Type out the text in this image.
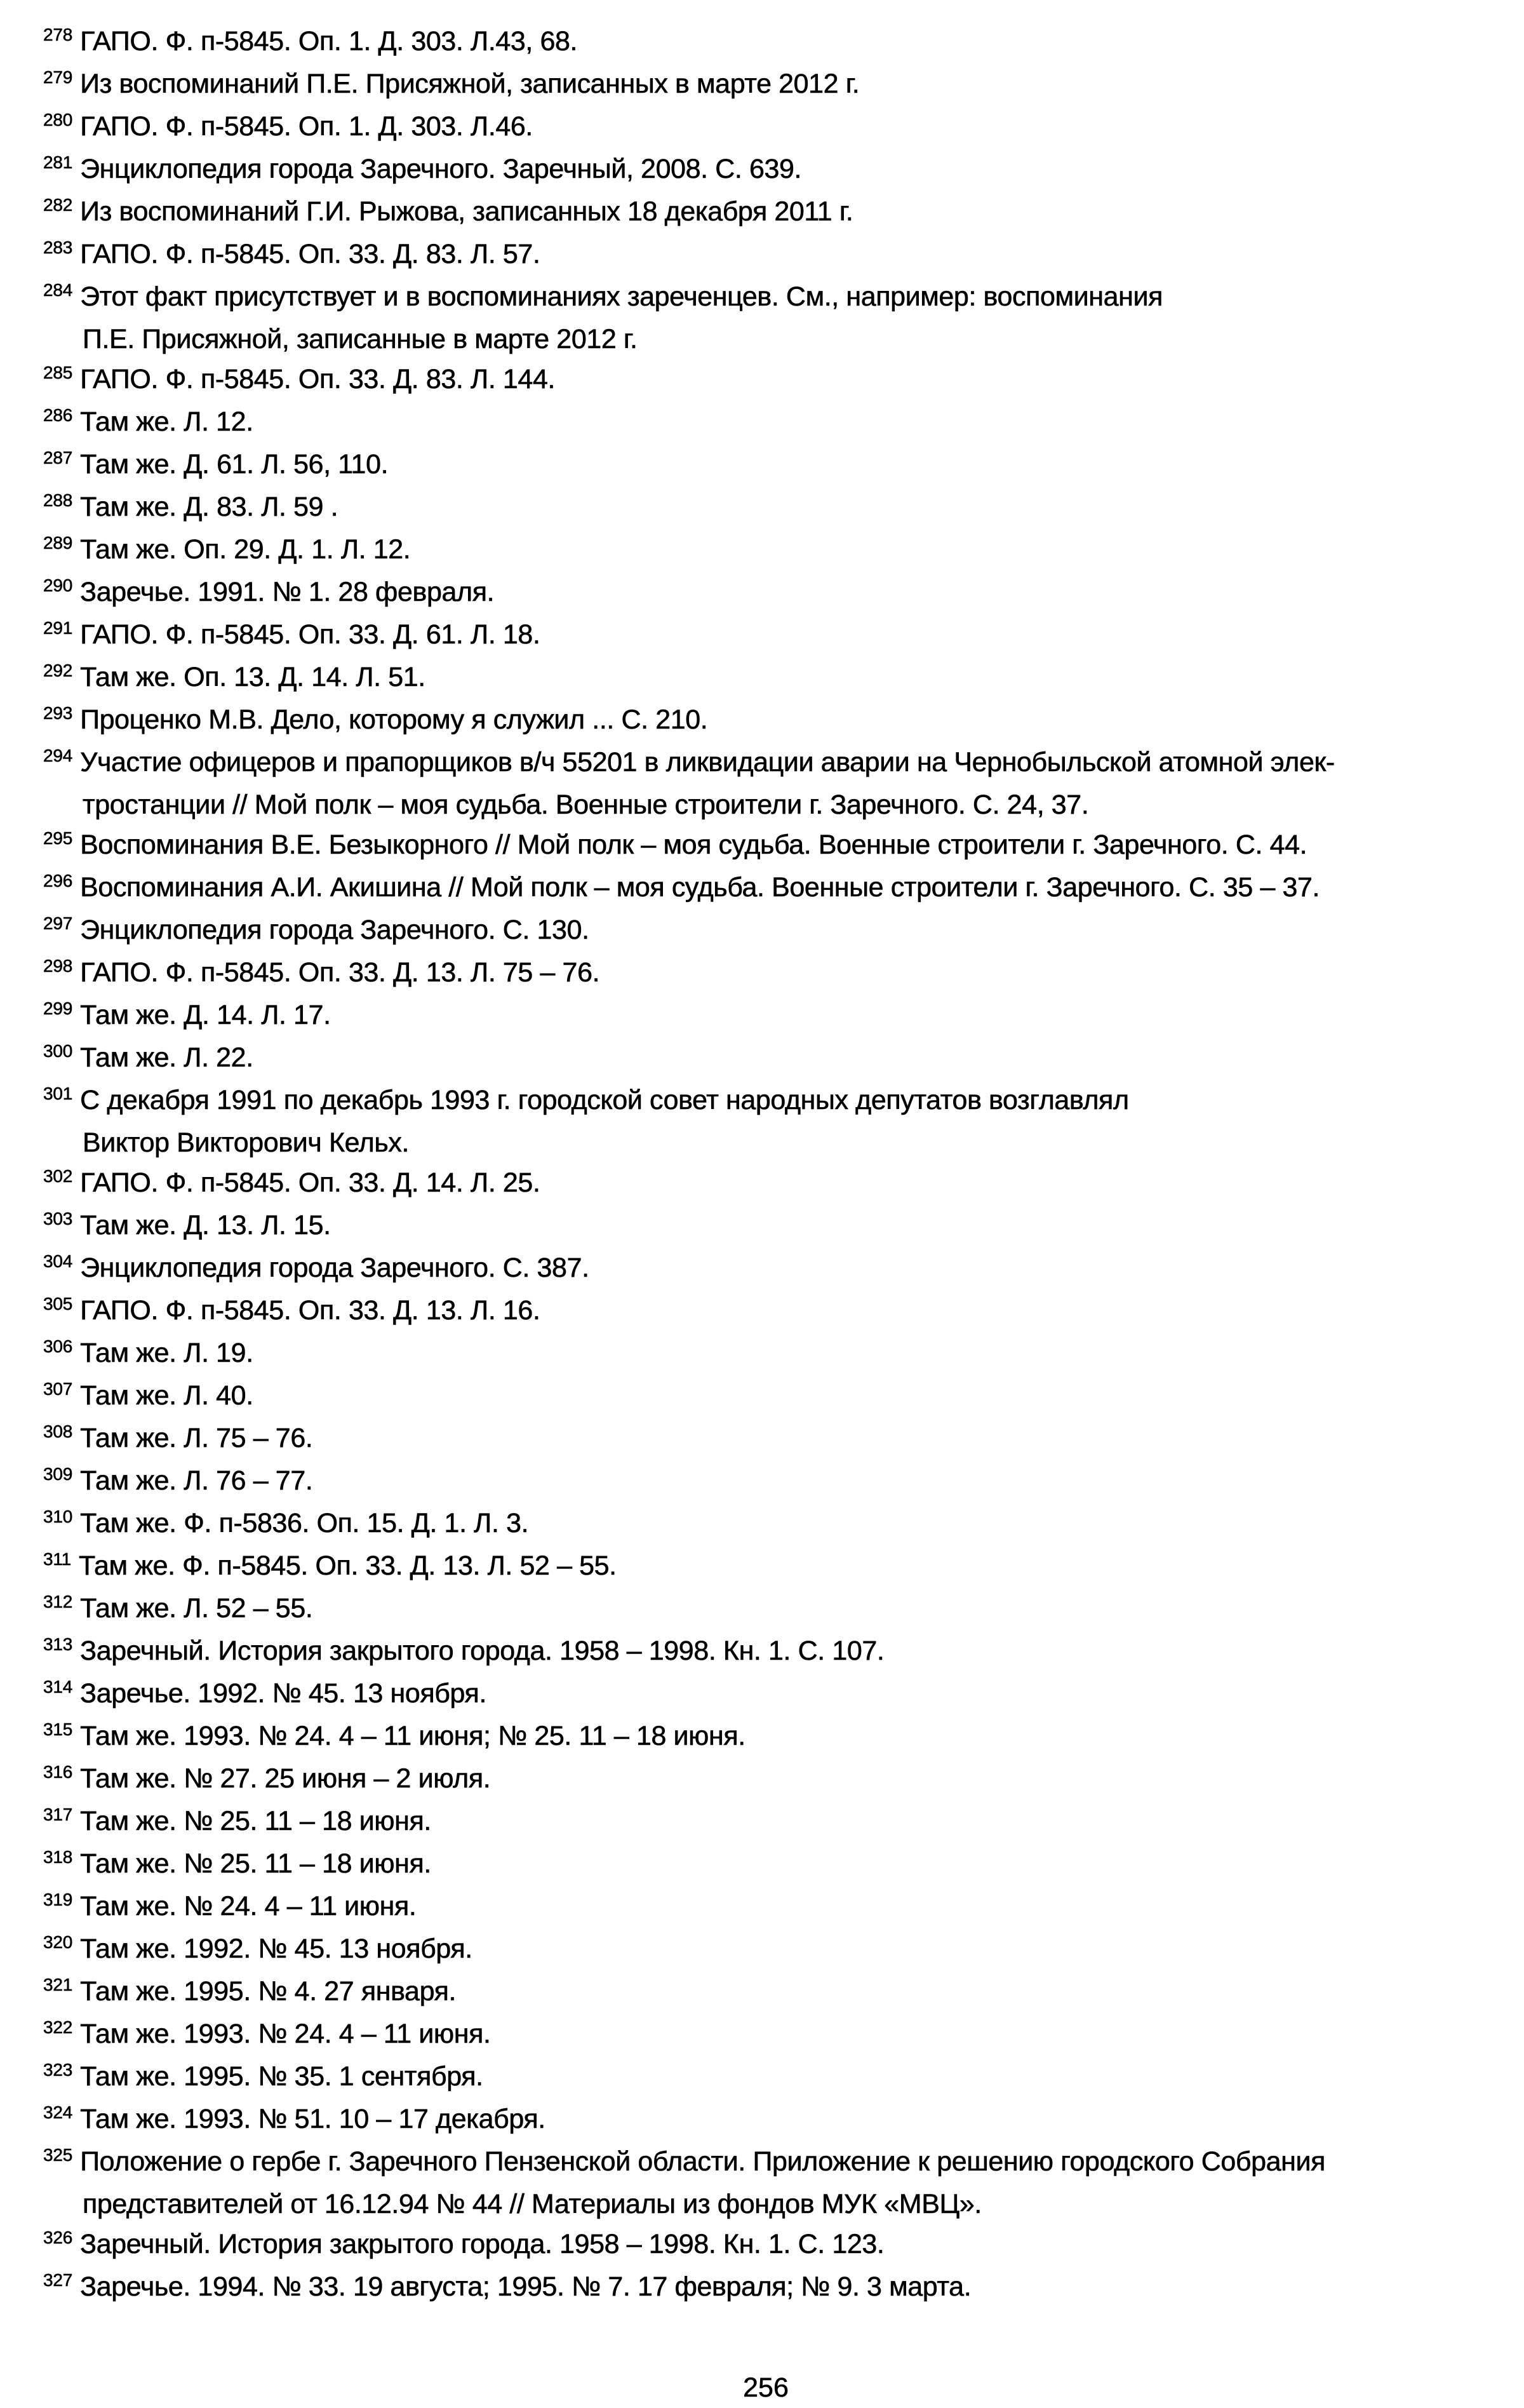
$^{278}$ ГАПО. Ф. п-5845. Оп. 1. Д. 303. Л.43, 68.
$^{279}$ Из воспоминаний П.Е. Присяжной, записанных в марте 2012 г.
$^{280}$ ГАПО. Ф. п-5845. Оп. 1. Д. 303. Л.46.
$^{281}$ Энциклопедия города Заречного. Заречный, 2008. С. 639.
$^{282}$ Из воспоминаний Г.И. Рыжова, записанных 18 декабря 2011 г.
$^{283}$ ГАПО. Ф. п-5845. Оп. 33. Д. 83. Л. 57.
$^{284}$ Этот факт присутствует и в воспоминаниях зареченцев. См., например: воспоминания
П.Е. Присяжной, записанные в марте 2012 г.
$^{285}$ ГАПО. Ф. п-5845. Оп. 33. Д. 83. Л. 144.
$^{286}$ Там же. Л. 12.
$^{287}$ Там же. Д. 61. Л. 56, 110.
$^{288}$ Там же. Д. 83. Л. 59 .
$^{289}$ Там же. Оп. 29. Д. 1. Л. 12.
$^{290}$ Заречье. 1991. № 1. 28 февраля.
$^{291}$ ГАПО. Ф. п-5845. Оп. 33. Д. 61. Л. 18.
$^{292}$ Там же. Оп. 13. Д. 14. Л. 51.
$^{293}$ Проценко М.В. Дело, которому я служил ... С. 210.
$^{294}$ Участие офицеров и прапорщиков в/ч 55201 в ликвидации аварии на Чернобыльской атомной элек-
тростанции // Мой полк – моя судьба. Военные строители г. Заречного. С. 24, 37.
$^{295}$ Воспоминания В.Е. Безыкорного // Мой полк – моя судьба. Военные строители г. Заречного. С. 44.
$^{296}$ Воспоминания А.И. Акишина // Мой полк – моя судьба. Военные строители г. Заречного. С. 35 – 37.
$^{297}$ Энциклопедия города Заречного. С. 130.
$^{298}$ ГАПО. Ф. п-5845. Оп. 33. Д. 13. Л. 75 – 76.
$^{299}$ Там же. Д. 14. Л. 17.
$^{300}$ Там же. Л. 22.
$^{301}$ С декабря 1991 по декабрь 1993 г. городской совет народных депутатов возглавлял
Виктор Викторович Кельх.
$^{302}$ ГАПО. Ф. п-5845. Оп. 33. Д. 14. Л. 25.
$^{303}$ Там же. Д. 13. Л. 15.
$^{304}$ Энциклопедия города Заречного. С. 387.
$^{305}$ ГАПО. Ф. п-5845. Оп. 33. Д. 13. Л. 16.
$^{306}$ Там же. Л. 19.
$^{307}$ Там же. Л. 40.
$^{308}$ Там же. Л. 75 – 76.
$^{309}$ Там же. Л. 76 – 77.
$^{310}$ Там же. Ф. п-5836. Оп. 15. Д. 1. Л. 3.
$^{311}$ Там же. Ф. п-5845. Оп. 33. Д. 13. Л. 52 – 55.
$^{312}$ Там же. Л. 52 – 55.
$^{313}$ Заречный. История закрытого города. 1958 – 1998. Кн. 1. С. 107.
$^{314}$ Заречье. 1992. № 45. 13 ноября.
$^{315}$ Там же. 1993. № 24. 4 – 11 июня; № 25. 11 – 18 июня.
$^{316}$ Там же. № 27. 25 июня – 2 июля.
$^{317}$ Там же. № 25. 11 – 18 июня.
$^{318}$ Там же. № 25. 11 – 18 июня.
$^{319}$ Там же. № 24. 4 – 11 июня.
$^{320}$ Там же. 1992. № 45. 13 ноября.
$^{321}$ Там же. 1995. № 4. 27 января.
$^{322}$ Там же. 1993. № 24. 4 – 11 июня.
$^{323}$ Там же. 1995. № 35. 1 сентября.
$^{324}$ Там же. 1993. № 51. 10 – 17 декабря.
$^{325}$ Положение о гербе г. Заречного Пензенской области. Приложение к решению городского Собрания
представителей от 16.12.94 № 44 // Материалы из фондов МУК «МВЦ».
$^{326}$ Заречный. История закрытого города. 1958 – 1998. Кн. 1. С. 123.
$^{327}$ Заречье. 1994. № 33. 19 августа; 1995. № 7. 17 февраля; № 9. 3 марта.
256
